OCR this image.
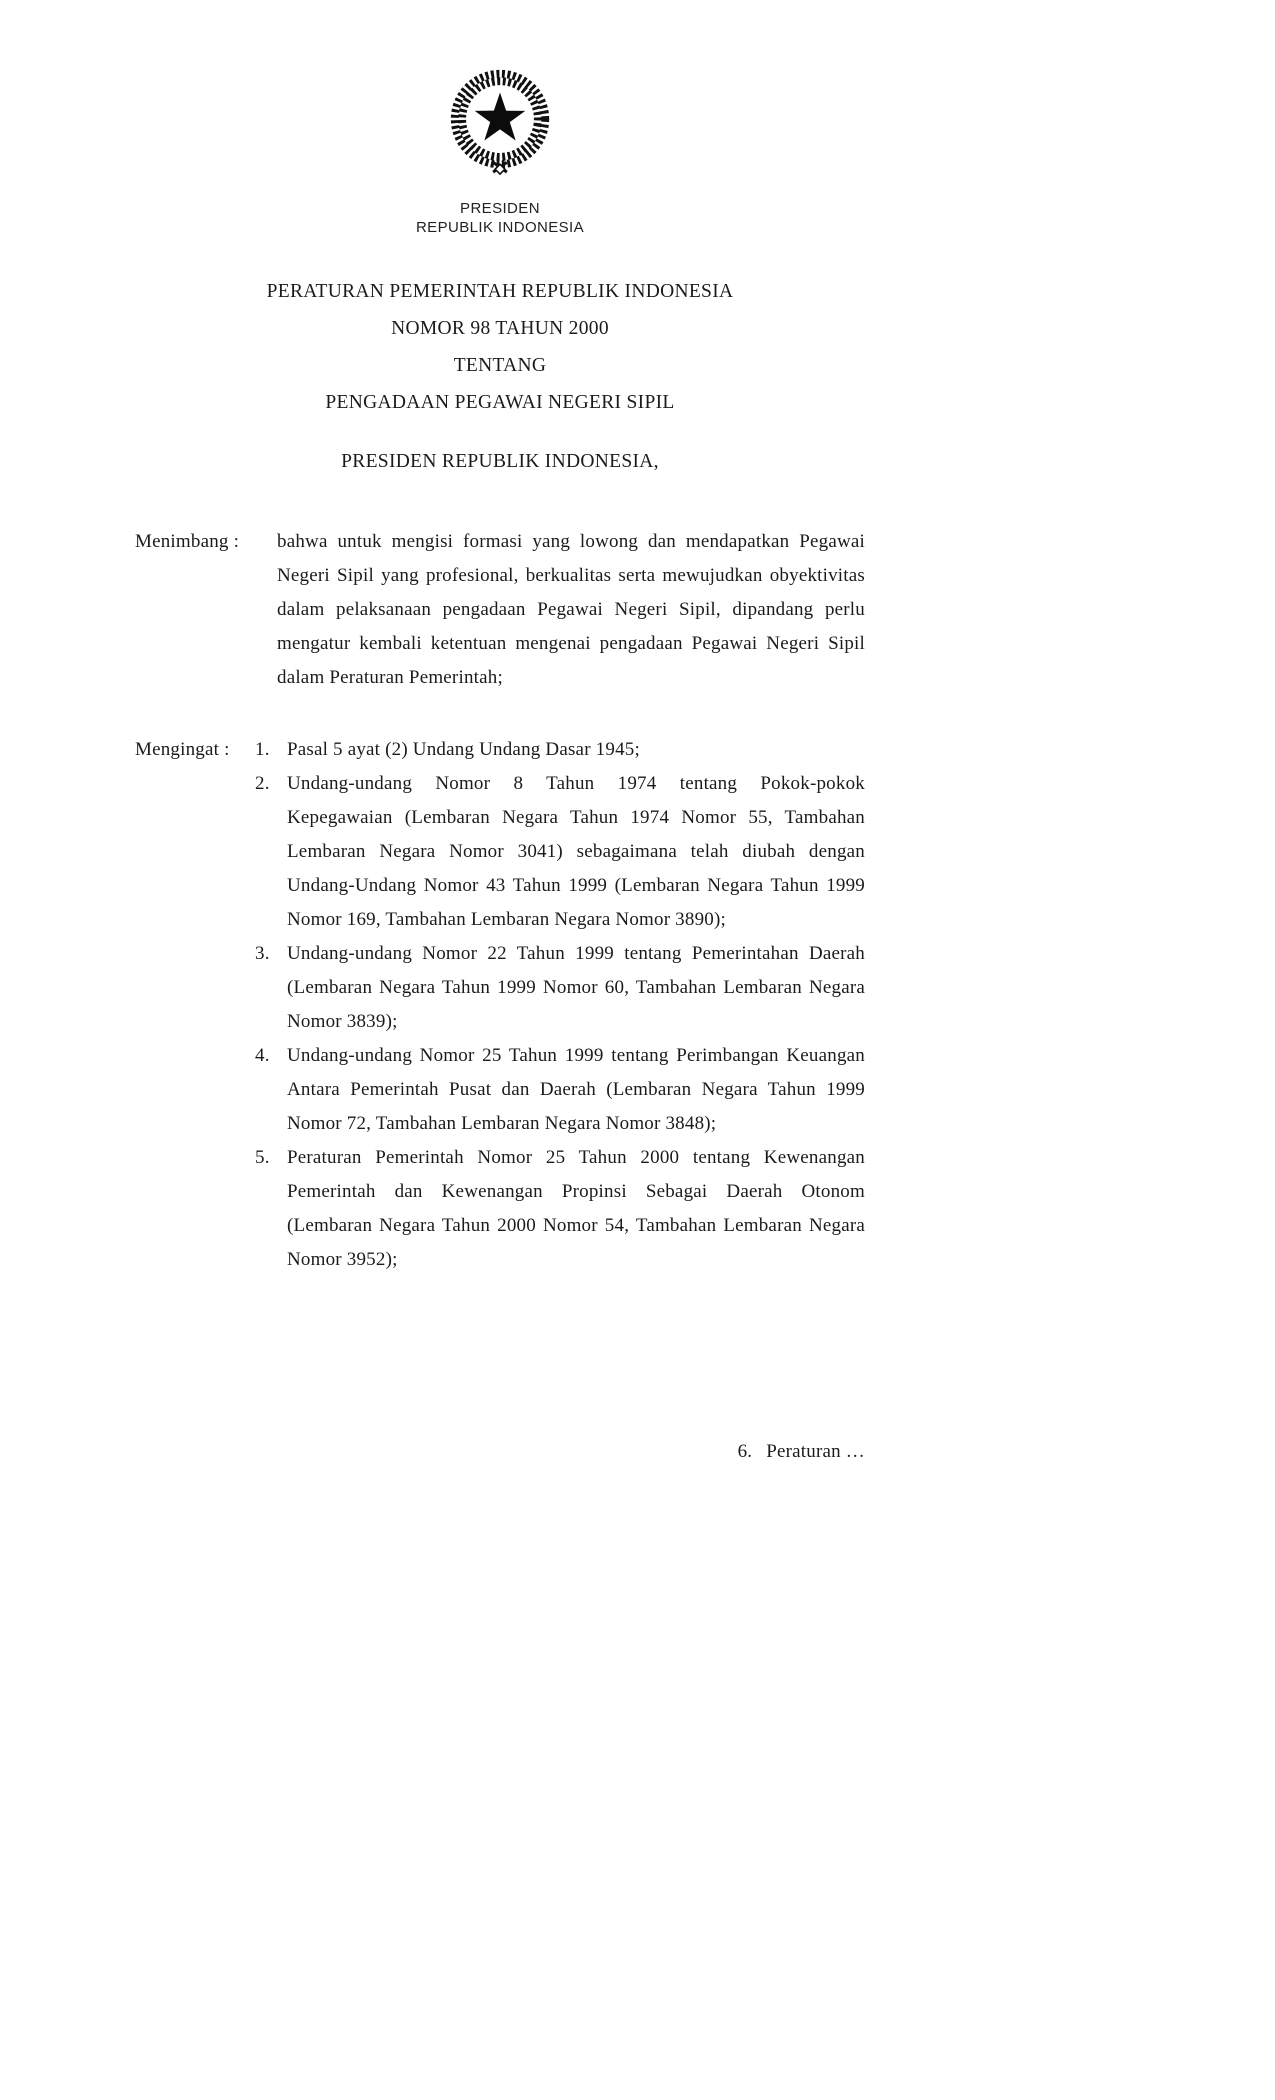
PRESIDEN
REPUBLIK INDONESIA
PERATURAN PEMERINTAH REPUBLIK INDONESIA
NOMOR 98 TAHUN 2000
TENTANG
PENGADAAN PEGAWAI NEGERI SIPIL
PRESIDEN REPUBLIK INDONESIA,
Menimbang :	bahwa untuk mengisi formasi yang lowong dan mendapatkan Pegawai Negeri Sipil yang profesional, berkualitas serta mewujudkan obyektivitas dalam pelaksanaan pengadaan Pegawai Negeri Sipil, dipandang perlu mengatur kembali ketentuan mengenai pengadaan Pegawai Negeri Sipil dalam Peraturan Pemerintah;
Mengingat :	1. Pasal 5 ayat (2) Undang Undang Dasar 1945;
2. Undang-undang Nomor 8 Tahun 1974 tentang Pokok-pokok Kepegawaian (Lembaran Negara Tahun 1974 Nomor 55, Tambahan Lembaran Negara Nomor 3041) sebagaimana telah diubah dengan Undang-Undang Nomor 43 Tahun 1999 (Lembaran Negara Tahun 1999 Nomor 169, Tambahan Lembaran Negara Nomor 3890);
3. Undang-undang Nomor 22 Tahun 1999 tentang Pemerintahan Daerah (Lembaran Negara Tahun 1999 Nomor 60, Tambahan Lembaran Negara Nomor 3839);
4. Undang-undang Nomor 25 Tahun 1999 tentang Perimbangan Keuangan Antara Pemerintah Pusat dan Daerah (Lembaran Negara Tahun 1999 Nomor 72, Tambahan Lembaran Negara Nomor 3848);
5. Peraturan Pemerintah Nomor 25 Tahun 2000 tentang Kewenangan Pemerintah dan Kewenangan Propinsi Sebagai Daerah Otonom (Lembaran Negara Tahun 2000 Nomor 54, Tambahan Lembaran Negara Nomor 3952);
6. Peraturan …
